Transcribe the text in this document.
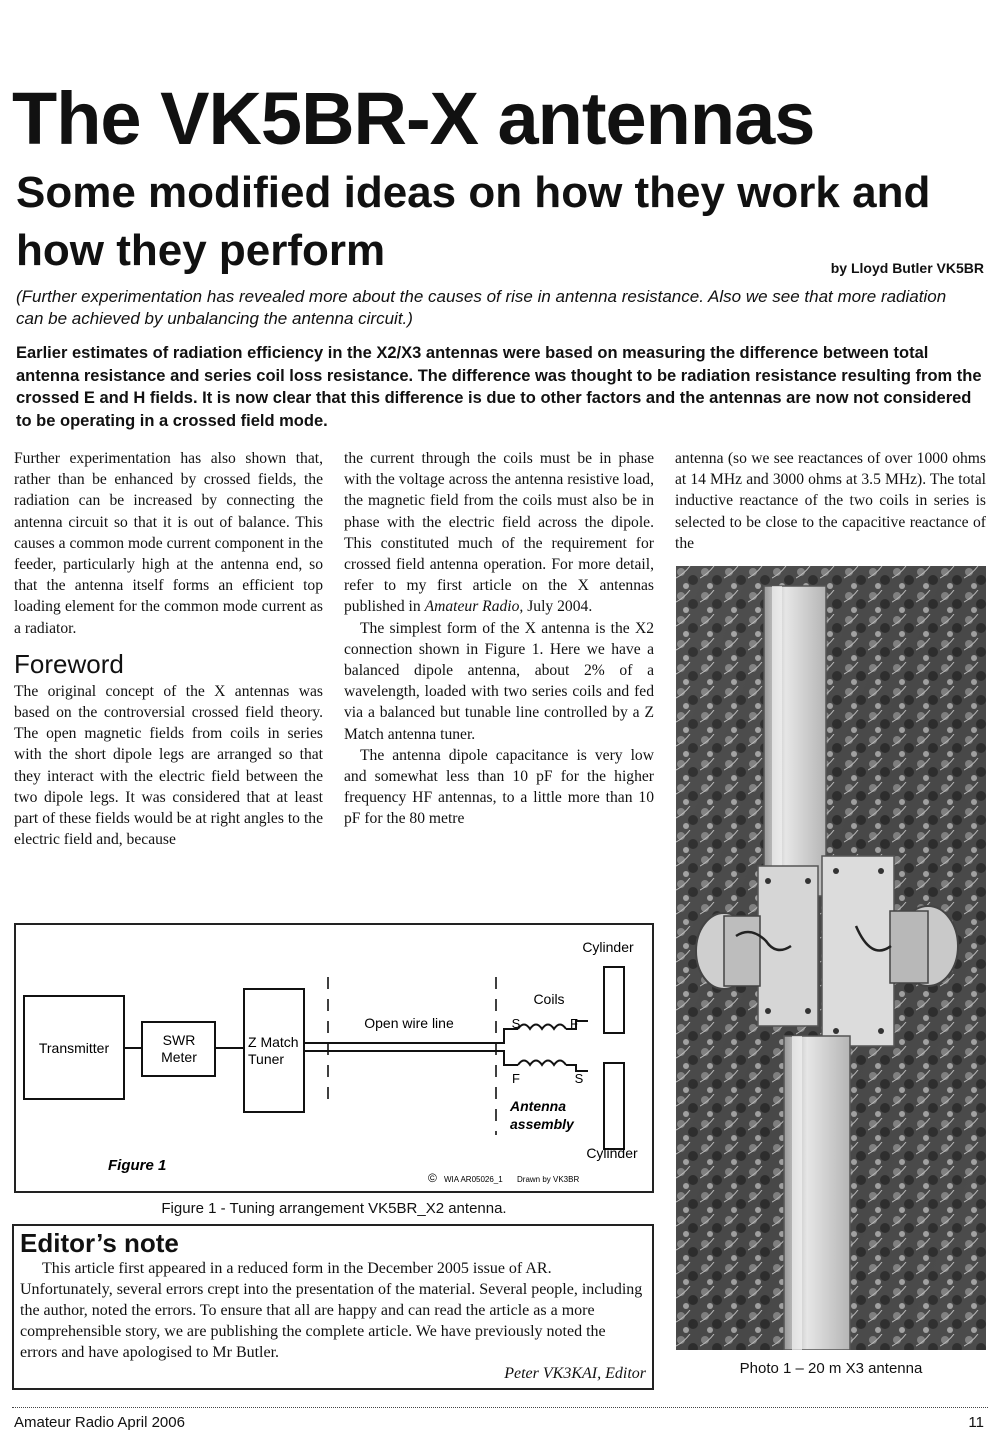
The VK5BR-X antennas
Some modified ideas on how they work and how they perform	by Lloyd Butler VK5BR

(Further experimentation has revealed more about the causes of rise in antenna resistance. Also we see that more radiation can be achieved by unbalancing the antenna circuit.)

Earlier estimates of radiation efficiency in the X2/X3 antennas were based on measuring the difference between total antenna resistance and series coil loss resistance. The difference was thought to be radiation resistance resulting from the crossed E and H fields. It is now clear that this difference is due to other factors and the antennas are now not considered to be operating in a crossed field mode.

Further experimentation has also shown that, rather than be enhanced by crossed fields, the radiation can be increased by connecting the antenna circuit so that it is out of balance. This causes a common mode current component in the feeder, particularly high at the antenna end, so that the antenna itself forms an efficient top loading element for the common mode current as a radiator.

Foreword

The original concept of the X antennas was based on the controversial crossed field theory. The open magnetic fields from coils in series with the short dipole legs are arranged so that they interact with the electric field between the two dipole legs. It was considered that at least part of these fields would be at right angles to the electric field and, because

the current through the coils must be in phase with the voltage across the antenna resistive load, the magnetic field from the coils must also be in phase with the electric field across the dipole. This constituted much of the requirement for crossed field antenna operation. For more detail, refer to my first article on the X antennas published in Amateur Radio, July 2004.

The simplest form of the X antenna is the X2 connection shown in Figure 1. Here we have a balanced dipole antenna, about 2% of a wavelength, loaded with two series coils and fed via a balanced but tunable line controlled by a Z Match antenna tuner.

The antenna dipole capacitance is very low and somewhat less than 10 pF for the higher frequency HF antennas, to a little more than 10 pF for the 80 metre

antenna (so we see reactances of over 1000 ohms at 14 MHz and 3000 ohms at 3.5 MHz). The total inductive reactance of the two coils in series is selected to be close to the capacitive reactance of the

Transmitter	SWR
Meter
Z Match
Tuner
Open wire line
Coils
S	F
F	S
Cylinder
Cylinder
Antenna
assembly
Figure 1
© WIA AR05026_1 Drawn by VK3BR
Figure 1 - Tuning arrangement VK5BR_X2 antenna.
Editor’s note

This article first appeared in a reduced form in the December 2005 issue of AR. Unfortunately, several errors crept into the presentation of the material. Several people, including the author, noted the errors. To ensure that all are happy and can read the article as a more comprehensible story, we are publishing the complete article. We have previously noted the errors and have apologised to Mr Butler.

Peter VK3KAI, Editor	Photo 1 – 20 m X3 antenna
Amateur Radio April 2006	11
